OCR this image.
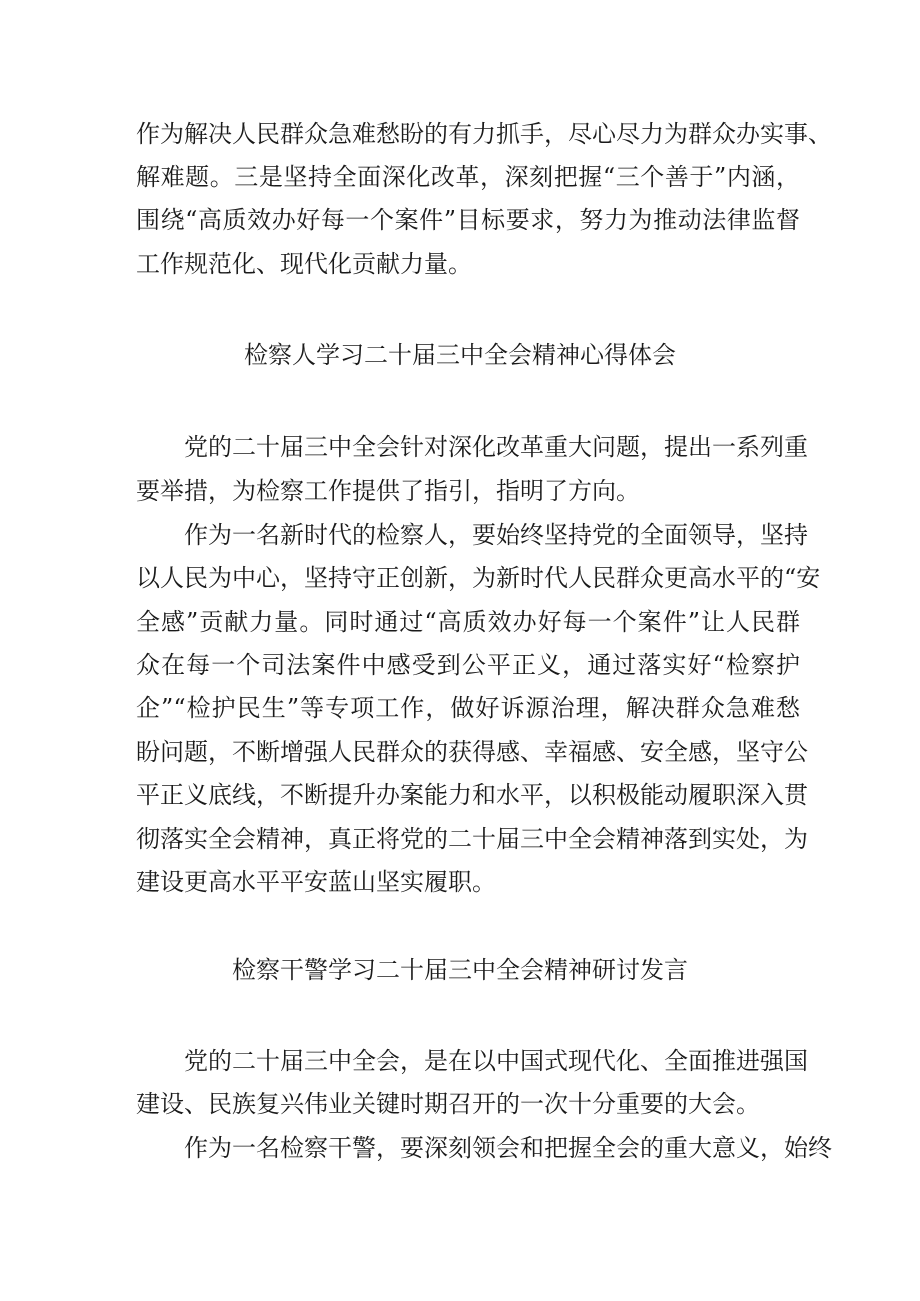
作为解决人民群众急难愁盼的有力抓手，尽心尽力为群众办实事、
解难题。三是坚持全面深化改革，深刻把握“三个善于”内涵，
围绕“高质效办好每一个案件”目标要求，努力为推动法律监督
工作规范化、现代化贡献力量。
检察人学习二十届三中全会精神心得体会
党的二十届三中全会针对深化改革重大问题，提出一系列重
要举措，为检察工作提供了指引，指明了方向。
作为一名新时代的检察人，要始终坚持党的全面领导，坚持
以人民为中心，坚持守正创新，为新时代人民群众更高水平的“安
全感”贡献力量。同时通过“高质效办好每一个案件”让人民群
众在每一个司法案件中感受到公平正义，通过落实好“检察护
企”“检护民生”等专项工作，做好诉源治理，解决群众急难愁
盼问题，不断增强人民群众的获得感、幸福感、安全感，坚守公
平正义底线，不断提升办案能力和水平，以积极能动履职深入贯
彻落实全会精神，真正将党的二十届三中全会精神落到实处，为
建设更高水平平安蓝山坚实履职。
检察干警学习二十届三中全会精神研讨发言
党的二十届三中全会，是在以中国式现代化、全面推进强国
建设、民族复兴伟业关键时期召开的一次十分重要的大会。
作为一名检察干警，要深刻领会和把握全会的重大意义，始终
